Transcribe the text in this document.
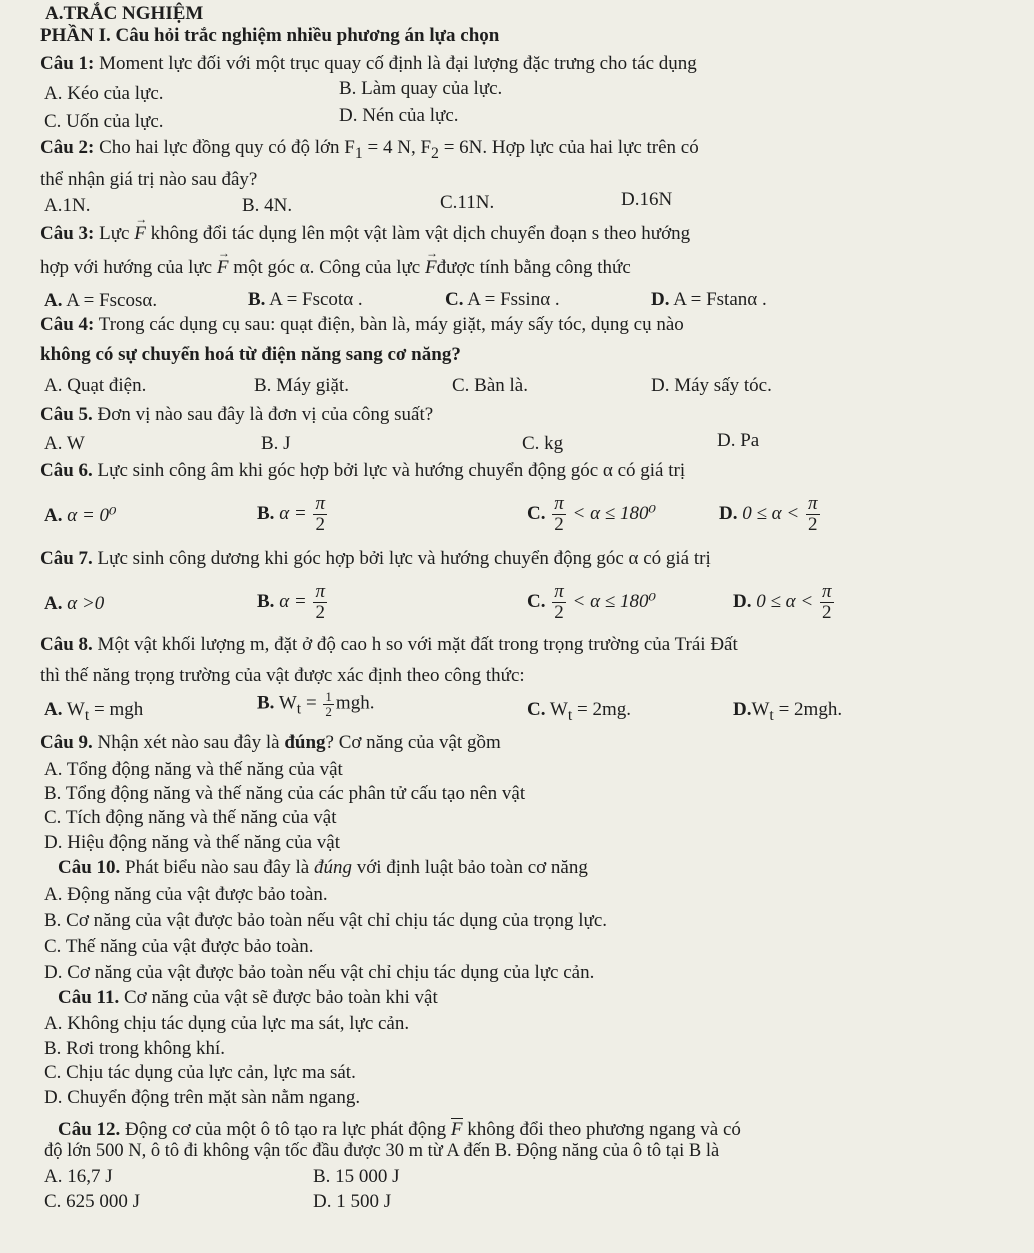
A.TRẮC NGHIỆM
PHẦN I. Câu hỏi trắc nghiệm nhiều phương án lựa chọn
Câu 1: Moment lực đối với một trục quay cố định là đại lượng đặc trưng cho tác dụng
A. Kéo của lực.	B. Làm quay của lực.
C. Uốn của lực.	D. Nén của lực.
Câu 2: Cho hai lực đồng quy có độ lớn $F_1 = 4$ N, $F_2 = 6N$. Hợp lực của hai lực trên có
thể nhận giá trị nào sau đây?
A.1N.	B. 4N.	C.11N.	D.16N
Câu 3: Lực → F không đổi tác dụng lên một vật làm vật dịch chuyển đoạn s theo hướng
hợp với hướng của lực → F một góc α. Công của lực → Fđược tính bằng công thức
A. A = Fscosα.	B. A = Fscotα .	C. A = Fssinα .	D. A = Fstanα .
Câu 4: Trong các dụng cụ sau: quạt điện, bàn là, máy giặt, máy sấy tóc, dụng cụ nào
không có sự chuyển hoá từ điện năng sang cơ năng?
A. Quạt điện.	B. Máy giặt.	C. Bàn là.	D. Máy sấy tóc.
Câu 5. Đơn vị nào sau đây là đơn vị của công suất?
A. W	B. J	C. kg	D. Pa
Câu 6. Lực sinh công âm khi góc hợp bởi lực và hướng chuyển động góc α có giá trị
A. α = 0⁰	B. $\alpha = \frac{\pi}{2}$	C. $\frac{\pi}{2} < \alpha \le 180^0$	D. $0 \le \alpha < \frac{\pi}{2}$
Câu 7. Lực sinh công dương khi góc hợp bởi lực và hướng chuyển động góc α có giá trị
A. α >0	B. $\alpha = \frac{\pi}{2}$	C. $\frac{\pi}{2} < \alpha \le 180^0$	D. $0 \le \alpha < \frac{\pi}{2}$
Câu 8. Một vật khối lượng m, đặt ở độ cao h so với mặt đất trong trọng trường của Trái Đất
thì thế năng trọng trường của vật được xác định theo công thức:
A. $W_t$ = mgh	B. $W_t = \frac{1}{2}$ mgh.	C. $W_t = 2mg$.	$D.W_t = 2mgh$.
Câu 9. Nhận xét nào sau đây là đúng? Cơ năng của vật gồm
A. Tổng động năng và thế năng của vật
B. Tổng động năng và thế năng của các phân tử cấu tạo nên vật
C. Tích động năng và thế năng của vật
D. Hiệu động năng và thế năng của vật
Câu 10. Phát biểu nào sau đây là đúng với định luật bảo toàn cơ năng
A. Động năng của vật được bảo toàn.
B. Cơ năng của vật được bảo toàn nếu vật chỉ chịu tác dụng của trọng lực.
C. Thế năng của vật được bảo toàn.
D. Cơ năng của vật được bảo toàn nếu vật chỉ chịu tác dụng của lực cản.
Câu 11. Cơ năng của vật sẽ được bảo toàn khi vật
A. Không chịu tác dụng của lực ma sát, lực cản.
B. Rơi trong không khí.
C. Chịu tác dụng của lực cản, lực ma sát.
D. Chuyển động trên mặt sàn nằm ngang.
Câu 12. Động cơ của một ô tô tạo ra lực phát động F không đổi theo phương ngang và có
độ lớn 500 N, ô tô đi không vận tốc đầu được 30 m từ A đến B. Động năng của ô tô tại B là
A. 16,7 J	B. 15 000 J
C. 625 000 J	D. 1 500 J
